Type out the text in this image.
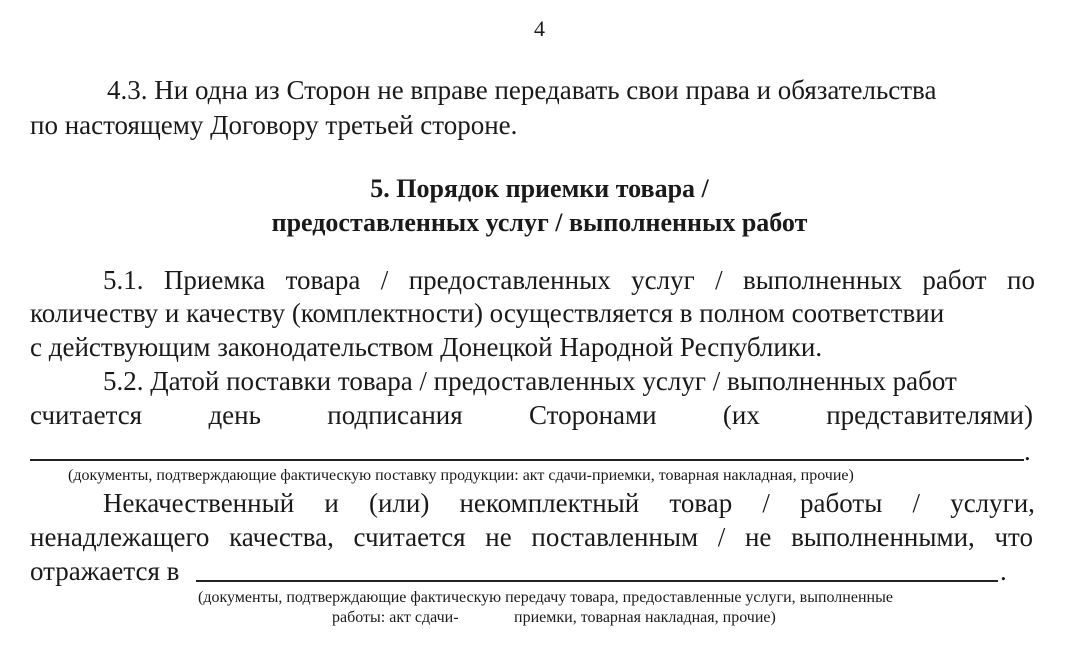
4
4.3. Ни одна из Сторон не вправе передавать свои права и обязательства
по настоящему Договору третьей стороне.
5. Порядок приемки товара /
предоставленных услуг / выполненных работ
5.1. Приемка товара / предоставленных услуг / выполненных работ по
количеству и качеству (комплектности) осуществляется в полном соответствии
с действующим законодательством Донецкой Народной Республики.
5.2. Датой поставки товара / предоставленных услуг / выполненных работ
считается день подписания Сторонами (их представителями)
.
(документы, подтверждающие фактическую поставку продукции: акт сдачи-приемки, товарная накладная, прочие)
Некачественный и (или) некомплектный товар / работы / услуги,
ненадлежащего качества, считается не поставленным / не выполненными, что
отражается в	.
(документы, подтверждающие фактическую передачу товара, предоставленные услуги, выполненные
работы: акт сдачи-	приемки, товарная накладная, прочие)
